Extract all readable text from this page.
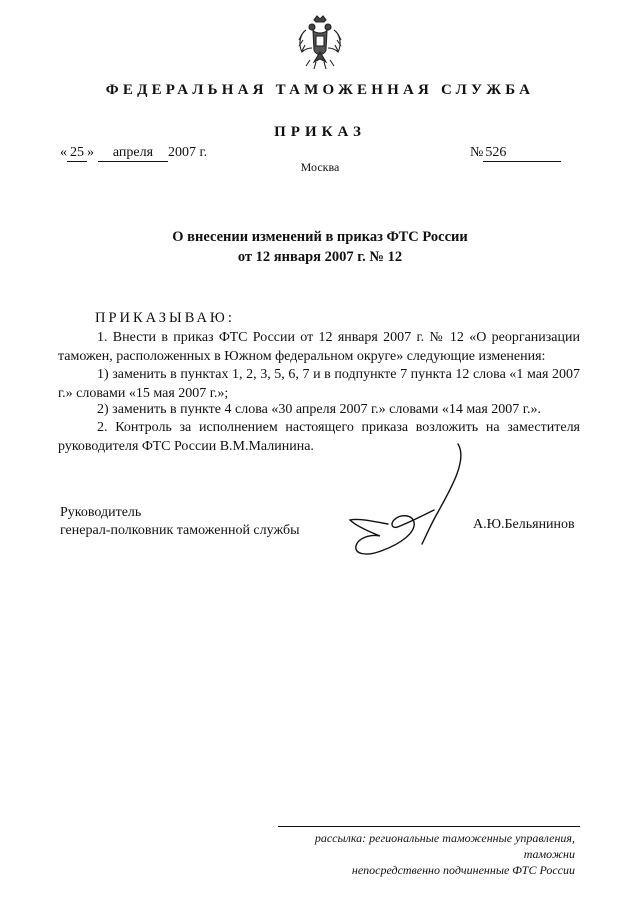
ФЕДЕРАЛЬНАЯ ТАМОЖЕННАЯ СЛУЖБА
ПРИКАЗ
« 25 » апреля 2007 г.	№ 526
Москва
О внесении изменений в приказ ФТС России
от 12 января 2007 г. № 12
ПРИКАЗЫВАЮ:
1. Внести в приказ ФТС России от 12 января 2007 г. № 12 «О реорганизации таможен, расположенных в Южном федеральном округе» следующие изменения:
1) заменить в пунктах 1, 2, 3, 5, 6, 7 и в подпункте 7 пункта 12 слова «1 мая 2007 г.» словами «15 мая 2007 г.»;
2) заменить в пункте 4 слова «30 апреля 2007 г.» словами «14 мая 2007 г.».
2. Контроль за исполнением настоящего приказа возложить на заместителя руководителя ФТС России В.М.Малинина.
Руководитель
генерал-полковник таможенной службы	А.Ю.Бельянинов
рассылка: региональные таможенные управления, таможни
непосредственно подчиненные ФТС России
